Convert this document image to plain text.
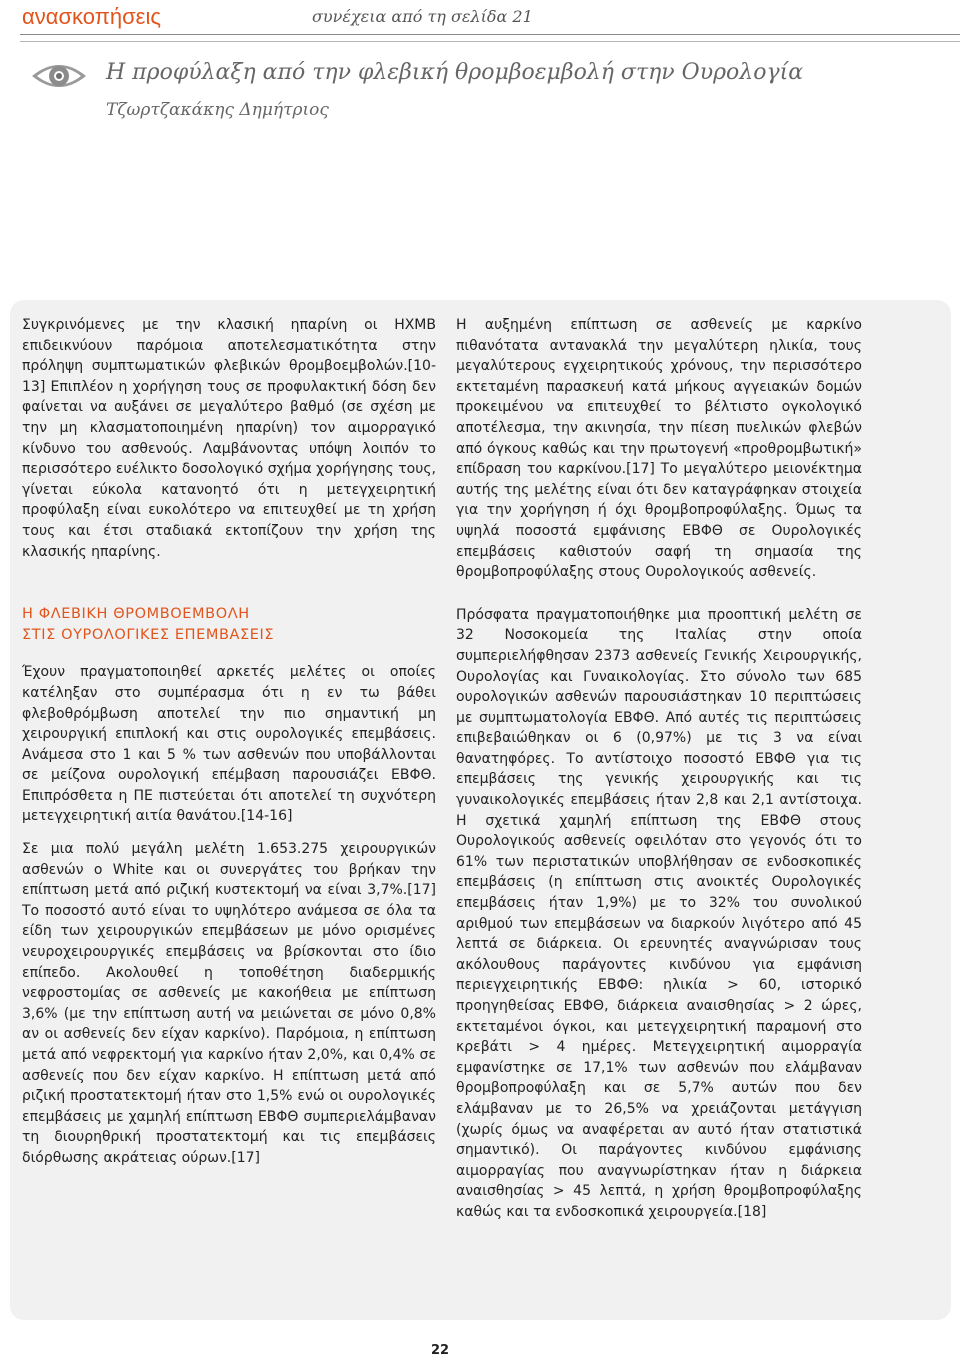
ανασκοπήσεις	συνέχεια από τη σελίδα 21
Η προφύλαξη από την φλεβική θρομβοεμβολή στην Ουρολογία
Τζωρτζακάκης Δημήτριος

Συγκρινόμενες με την κλασική ηπαρίνη οι ΗΧΜΒ επιδεικνύουν παρόμοια αποτελεσματικότητα στην πρόληψη συμπτωματικών φλεβικών θρομβοεμβολών.[10-13] Επιπλέον η χορήγηση τους σε προφυλακτική δόση δεν φαίνεται να αυξάνει σε μεγαλύτερο βαθμό (σε σχέση με την μη κλασματοποιημένη ηπαρίνη) τον αιμορραγικό κίνδυνο του ασθενούς. Λαμβάνοντας υπόψη λοιπόν το περισσότερο ευέλικτο δοσολογικό σχήμα χορήγησης τους, γίνεται εύκολα κατανοητό ότι η μετεγχειρητική προφύλαξη είναι ευκολότερο να επιτευχθεί με τη χρήση τους και έτσι σταδιακά εκτοπίζουν την χρήση της κλασικής ηπαρίνης.

Η ΦΛΕΒΙΚΗ ΘΡΟΜΒΟΕΜΒΟΛΗ
ΣΤΙΣ ΟΥΡΟΛΟΓΙΚΕΣ ΕΠΕΜΒΑΣΕΙΣ

Έχουν πραγματοποιηθεί αρκετές μελέτες οι οποίες κατέληξαν στο συμπέρασμα ότι η εν τω βάθει φλεβοθρόμβωση αποτελεί την πιο σημαντική μη χειρουργική επιπλοκή και στις ουρολογικές επεμβάσεις. Ανάμεσα στο 1 και 5 % των ασθενών που υποβάλλονται σε μείζονα ουρολογική επέμβαση παρουσιάζει ΕΒΦΘ. Επιπρόσθετα η ΠΕ πιστεύεται ότι αποτελεί τη συχνότερη μετεγχειρητική αιτία θανάτου.[14-16]

Σε μια πολύ μεγάλη μελέτη 1.653.275 χειρουργικών ασθενών ο White και οι συνεργάτες του βρήκαν την επίπτωση μετά από ριζική κυστεκτομή να είναι 3,7%.[17] Το ποσοστό αυτό είναι το υψηλότερο ανάμεσα σε όλα τα είδη των χειρουργικών επεμβάσεων με μόνο ορισμένες νευροχειρουργικές επεμβάσεις να βρίσκονται στο ίδιο επίπεδο. Ακολουθεί η τοποθέτηση διαδερμικής νεφροστομίας σε ασθενείς με κακοήθεια με επίπτωση 3,6% (με την επίπτωση αυτή να μειώνεται σε μόνο 0,8% αν οι ασθενείς δεν είχαν καρκίνο). Παρόμοια, η επίπτωση μετά από νεφρεκτομή για καρκίνο ήταν 2,0%, και 0,4% σε ασθενείς που δεν είχαν καρκίνο. Η επίπτωση μετά από ριζική προστατεκτομή ήταν στο 1,5% ενώ οι ουρολογικές επεμβάσεις με χαμηλή επίπτωση ΕΒΦΘ συμπεριελάμβαναν τη διουρηθρική προστατεκτομή και τις επεμβάσεις διόρθωσης ακράτειας ούρων.[17]

Η αυξημένη επίπτωση σε ασθενείς με καρκίνο πιθανότατα αντανακλά την μεγαλύτερη ηλικία, τους μεγαλύτερους εγχειρητικούς χρόνους, την περισσότερο εκτεταμένη παρασκευή κατά μήκους αγγειακών δομών προκειμένου να επιτευχθεί το βέλτιστο ογκολογικό αποτέλεσμα, την ακινησία, την πίεση πυελικών φλεβών από όγκους καθώς και την πρωτογενή «προθρομβωτική» επίδραση του καρκίνου.[17] Το μεγαλύτερο μειονέκτημα αυτής της μελέτης είναι ότι δεν καταγράφηκαν στοιχεία για την χορήγηση ή όχι θρομβοπροφύλαξης. Όμως τα υψηλά ποσοστά εμφάνισης ΕΒΦΘ σε Ουρολογικές επεμβάσεις καθιστούν σαφή τη σημασία της θρομβοπροφύλαξης στους Ουρολογικούς ασθενείς.

Πρόσφατα πραγματοποιήθηκε μια προοπτική μελέτη σε 32 Νοσοκομεία της Ιταλίας στην οποία συμπεριελήφθησαν 2373 ασθενείς Γενικής Χειρουργικής, Ουρολογίας και Γυναικολογίας. Στο σύνολο των 685 ουρολογικών ασθενών παρουσιάστηκαν 10 περιπτώσεις με συμπτωματολογία ΕΒΦΘ. Από αυτές τις περιπτώσεις επιβεβαιώθηκαν οι 6 (0,97%) με τις 3 να είναι θανατηφόρες. Το αντίστοιχο ποσοστό ΕΒΦΘ για τις επεμβάσεις της γενικής χειρουργικής και τις γυναικολογικές επεμβάσεις ήταν 2,8 και 2,1 αντίστοιχα. Η σχετικά χαμηλή επίπτωση της ΕΒΦΘ στους Ουρολογικούς ασθενείς οφειλόταν στο γεγονός ότι το 61% των περιστατικών υποβλήθησαν σε ενδοσκοπικές επεμβάσεις (η επίπτωση στις ανοικτές Ουρολογικές επεμβάσεις ήταν 1,9%) με το 32% του συνολικού αριθμού των επεμβάσεων να διαρκούν λιγότερο από 45 λεπτά σε διάρκεια. Οι ερευνητές αναγνώρισαν τους ακόλουθους παράγοντες κινδύνου για εμφάνιση περιεγχειρητικής ΕΒΦΘ: ηλικία > 60, ιστορικό προηγηθείσας ΕΒΦΘ, διάρκεια αναισθησίας > 2 ώρες, εκτεταμένοι όγκοι, και μετεγχειρητική παραμονή στο κρεβάτι > 4 ημέρες. Μετεγχειρητική αιμορραγία εμφανίστηκε σε 17,1% των ασθενών που ελάμβαναν θρομβοπροφύλαξη και σε 5,7% αυτών που δεν ελάμβαναν με το 26,5% να χρειάζονται μετάγγιση (χωρίς όμως να αναφέρεται αν αυτό ήταν στατιστικά σημαντικό). Οι παράγοντες κινδύνου εμφάνισης αιμορραγίας που αναγνωρίστηκαν ήταν η διάρκεια αναισθησίας > 45 λεπτά, η χρήση θρομβοπροφύλαξης καθώς και τα ενδοσκοπικά χειρουργεία.[18]

22
